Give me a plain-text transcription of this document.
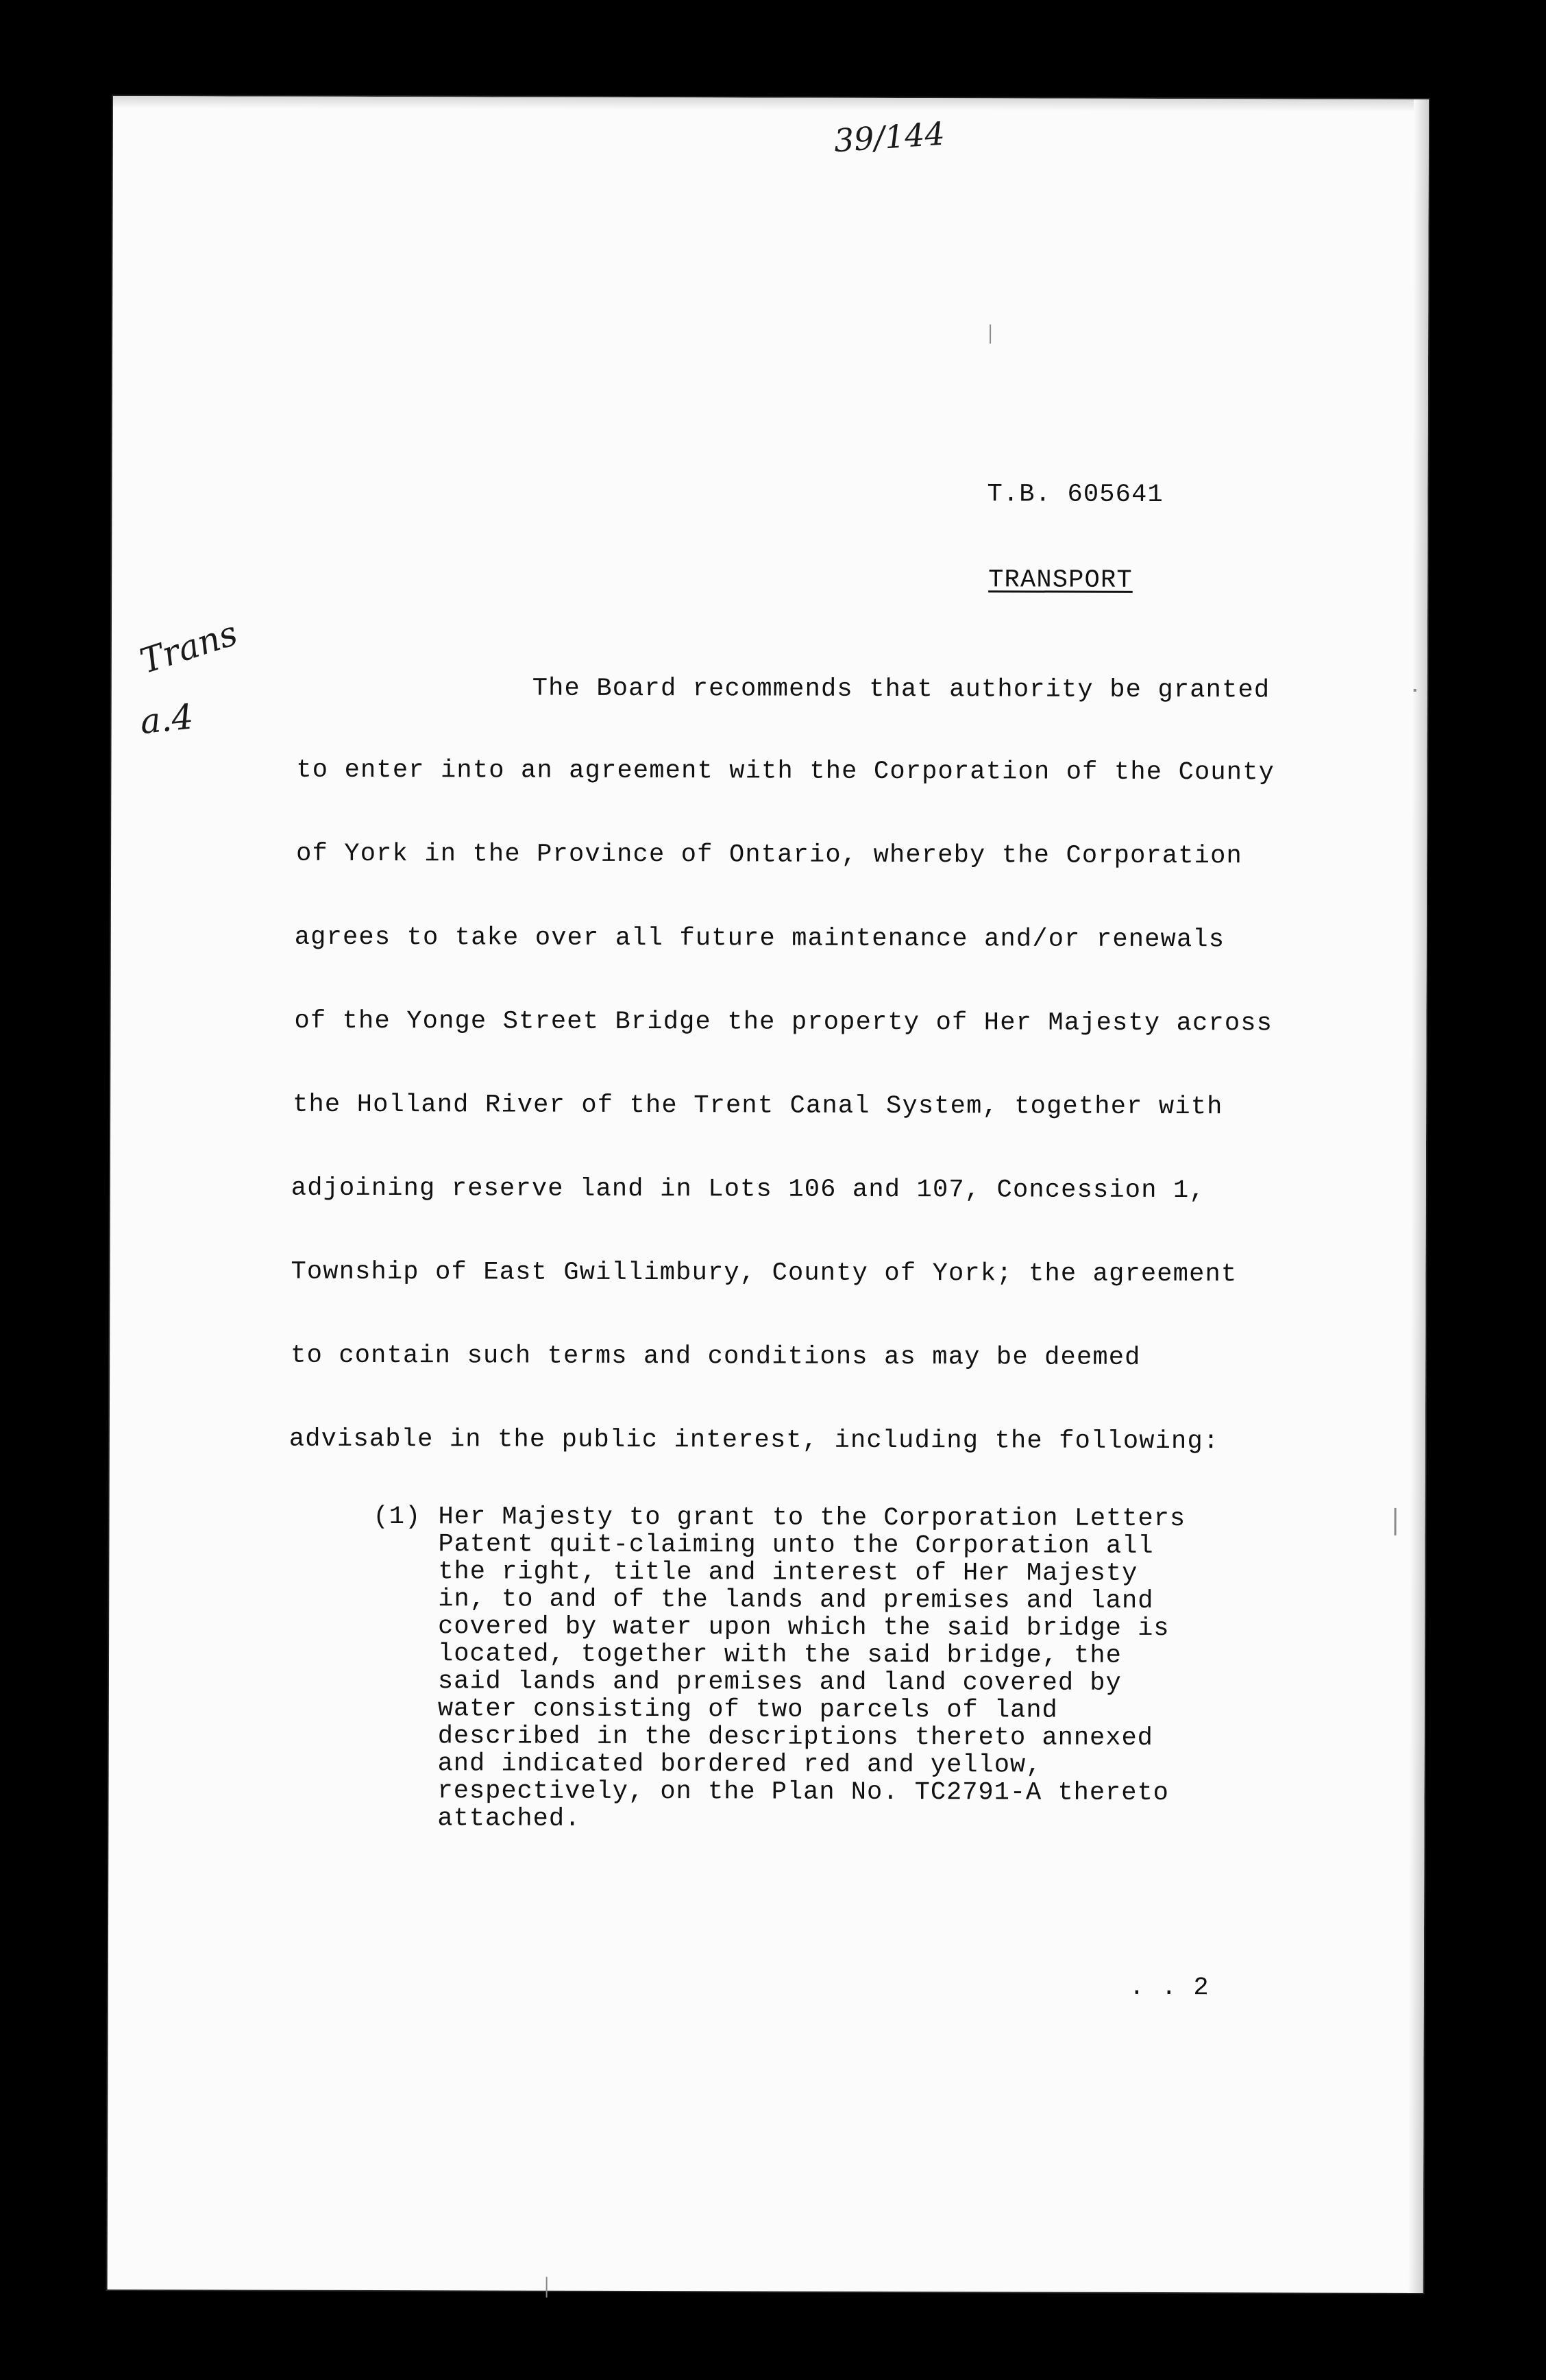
39/144
Trans
a.4
T.B. 605641
TRANSPORT
The Board recommends that authority be granted
to enter into an agreement with the Corporation of the County
of York in the Province of Ontario, whereby the Corporation
agrees to take over all future maintenance and/or renewals
of the Yonge Street Bridge the property of Her Majesty across
the Holland River of the Trent Canal System, together with
adjoining reserve land in Lots 106 and 107, Concession 1,
Township of East Gwillimbury, County of York; the agreement
to contain such terms and conditions as may be deemed
advisable in the public interest, including the following:
(1) Her Majesty to grant to the Corporation Letters
Patent quit-claiming unto the Corporation all
the right, title and interest of Her Majesty
in, to and of the lands and premises and land
covered by water upon which the said bridge is
located, together with the said bridge, the
said lands and premises and land covered by
water consisting of two parcels of land
described in the descriptions thereto annexed
and indicated bordered red and yellow,
respectively, on the Plan No. TC2791-A thereto
attached.
. . 2
